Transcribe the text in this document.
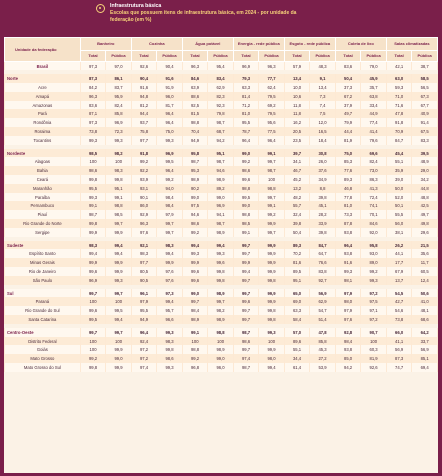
Infraestrutura básica
Escolas que possuem itens de infraestrutura básica, em 2024 - por unidade da federação (em %)
Unidade da federação	Banheiro		Cozinha		Água potável		Energia - rede pública		Esgoto - rede pública		Coleta de lixo		Salas climatizadas	
	Total	Pública	Total	Pública	Total	Pública	Total	Pública	Total	Pública	Total	Pública	Total	Pública
Brasil	97,3	97,0	92,6	90,4	96,3	95,4	96,9	96,3	57,9	48,3	83,6	79,0	42,1	38,7

Norte	87,3	86,1	90,4	91,6	84,6	83,4	79,3	77,7	13,4	9,1	50,4	45,9	63,0	58,5
Acre	84,2	83,7	91,6	91,9	63,9	62,9	63,3	62,4	10,0	13,4	37,3	35,7	59,3	56,5
Amapá	96,3	95,9	94,8	96,0	88,6	82,3	81,4	79,5	10,6	7,3	67,2	63,8	71,0	67,3
Amazonas	83,6	82,4	81,2	81,7	92,5	92,3	71,2	69,2	11,8	7,4	37,9	33,4	71,6	67,7
Pará	87,1	85,8	94,4	96,4	81,5	79,8	81,0	79,5	11,8	7,5	49,7	44,9	47,8	40,9
Rondônia	97,3	96,9	93,7	96,4	98,8	98,7	95,5	95,6	16,2	12,0	79,9	77,4	91,8	91,4
Roraima	73,8	72,3	75,8	75,0	70,4	68,7	78,7	77,5	20,5	16,5	44,4	41,4	70,9	67,5
Tocantins	99,3	99,3	97,7	99,3	94,9	94,2	96,4	96,4	23,5	18,4	81,9	79,6	84,7	83,3

Nordeste	98,5	98,2	91,8	96,9	95,8	95,1	99,0	99,1	39,7	30,8	75,0	69,6	45,4	39,5
Alagoas	100	100	99,2	99,5	98,7	98,7	99,2	99,7	34,1	26,0	85,3	82,4	55,1	48,9
Bahia	98,6	98,3	92,2	96,4	95,3	94,6	98,6	98,7	46,7	37,6	77,6	73,0	35,9	29,0
Ceará	99,8	99,8	93,9	99,2	98,9	98,9	99,6	100	45,2	34,9	89,3	86,3	39,0	34,2
Maranhão	95,5	95,1	93,1	94,0	90,2	89,2	98,8	98,8	13,2	8,8	46,8	41,3	50,0	44,8
Paraíba	99,3	99,1	90,1	98,4	99,0	99,0	99,5	99,7	48,2	39,8	77,8	72,4	52,0	48,8
Pernambuco	99,1	98,8	86,0	98,4	97,5	96,9	99,0	99,1	55,7	45,1	81,0	74,1	50,1	42,5
Piauí	98,7	98,5	92,9	97,9	94,6	94,1	98,8	99,2	32,4	28,2	73,3	70,1	55,5	49,7
Rio Grande do Norte	99,8	99,7	96,3	99,7	98,6	98,7	98,5	99,9	39,8	33,9	87,8	84,6	56,0	49,8
Sergipe	99,9	99,9	97,6	99,7	99,2	98,9	99,1	99,7	50,4	39,8	93,8	92,0	38,1	29,6

Sudeste	98,3	99,4	92,1	98,3	99,4	99,4	99,7	99,9	89,3	84,7	96,4	95,8	26,2	21,5
Espírito Santo	99,4	99,4	98,3	99,4	99,3	99,3	99,7	99,9	70,2	64,7	93,8	93,0	44,1	35,6
Minas Gerais	99,9	99,9	97,7	99,9	99,9	99,6	99,9	99,9	81,6	76,6	91,6	89,0	17,7	11,7
Rio de Janeiro	99,6	99,9	80,5	97,6	99,6	99,8	99,4	99,9	89,5	83,8	99,3	99,2	67,9	60,5
São Paulo	96,9	99,3	90,5	97,6	99,6	99,8	99,7	99,8	95,1	92,7	98,1	99,3	13,7	12,4

Sul	99,7	99,7	96,1	97,3	99,0	98,9	99,7	99,9	65,0	56,9	97,9	97,2	54,5	50,6
Paraná	100	100	97,9	99,4	99,7	99,7	99,6	99,9	69,0	62,9	98,0	97,5	42,7	41,0
Rio Grande do Sul	99,6	99,5	95,5	95,7	98,4	98,2	99,7	99,8	63,3	54,7	97,9	97,1	54,6	48,1
Santa Catarina	99,5	99,4	94,9	96,6	98,9	98,9	99,7	99,8	58,4	51,4	97,6	97,2	73,8	68,6

Centro-Oeste	99,7	99,7	96,4	99,3	99,1	98,8	98,7	99,3	57,0	47,8	92,8	90,7	66,0	64,2
Distrito Federal	100	100	92,4	98,3	100	100	98,6	100	89,6	85,8	98,4	100	41,1	33,7
Goiás	100	99,9	97,2	99,8	98,8	98,9	99,7	99,9	55,1	45,3	93,8	60,3	56,9	56,9
Mato Grosso	99,2	99,0	97,2	98,6	99,2	99,0	97,4	98,0	34,4	27,2	85,0	81,9	87,3	85,1
Mato Grosso do Sul	99,8	99,9	97,4	99,3	96,8	96,0	98,7	99,4	61,4	53,9	94,2	92,6	74,7	69,4
